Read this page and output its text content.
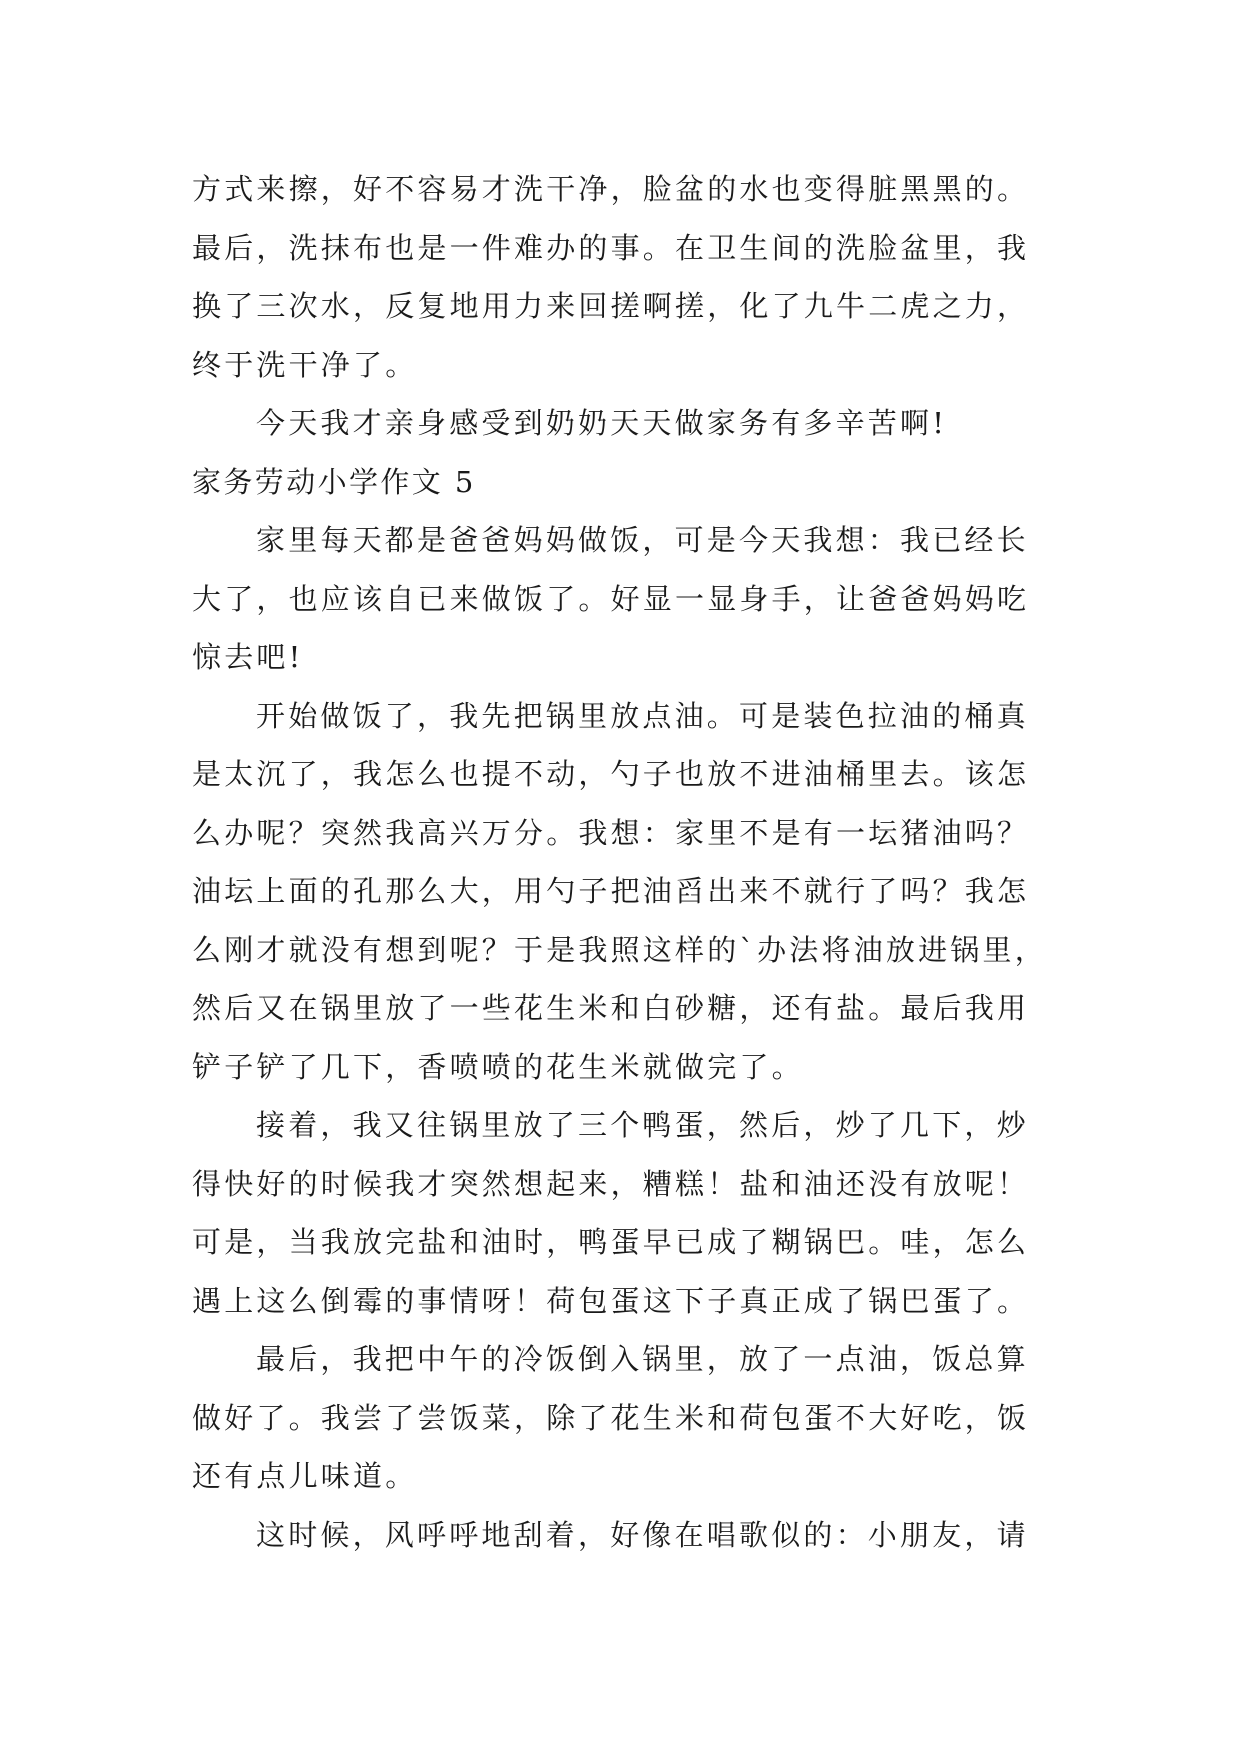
方式来擦，好不容易才洗干净，脸盆的水也变得脏黑黑的。
最后，洗抹布也是一件难办的事。在卫生间的洗脸盆里，我
换了三次水，反复地用力来回搓啊搓，化了九牛二虎之力，
终于洗干净了。
今天我才亲身感受到奶奶天天做家务有多辛苦啊!
家务劳动小学作文 5
家里每天都是爸爸妈妈做饭，可是今天我想：我已经长
大了，也应该自已来做饭了。好显一显身手，让爸爸妈妈吃
惊去吧!
开始做饭了，我先把锅里放点油。可是装色拉油的桶真
是太沉了，我怎么也提不动，勺子也放不进油桶里去。该怎
么办呢？突然我高兴万分。我想：家里不是有一坛猪油吗？
油坛上面的孔那么大，用勺子把油舀出来不就行了吗？我怎
么刚才就没有想到呢？于是我照这样的`办法将油放进锅里，
然后又在锅里放了一些花生米和白砂糖，还有盐。最后我用
铲子铲了几下，香喷喷的花生米就做完了。
接着，我又往锅里放了三个鸭蛋，然后，炒了几下，炒
得快好的时候我才突然想起来，糟糕！盐和油还没有放呢！
可是，当我放完盐和油时，鸭蛋早已成了糊锅巴。哇，怎么
遇上这么倒霉的事情呀！荷包蛋这下子真正成了锅巴蛋了。
最后，我把中午的冷饭倒入锅里，放了一点油，饭总算
做好了。我尝了尝饭菜，除了花生米和荷包蛋不大好吃，饭
还有点儿味道。
这时候，风呼呼地刮着，好像在唱歌似的：小朋友，请
